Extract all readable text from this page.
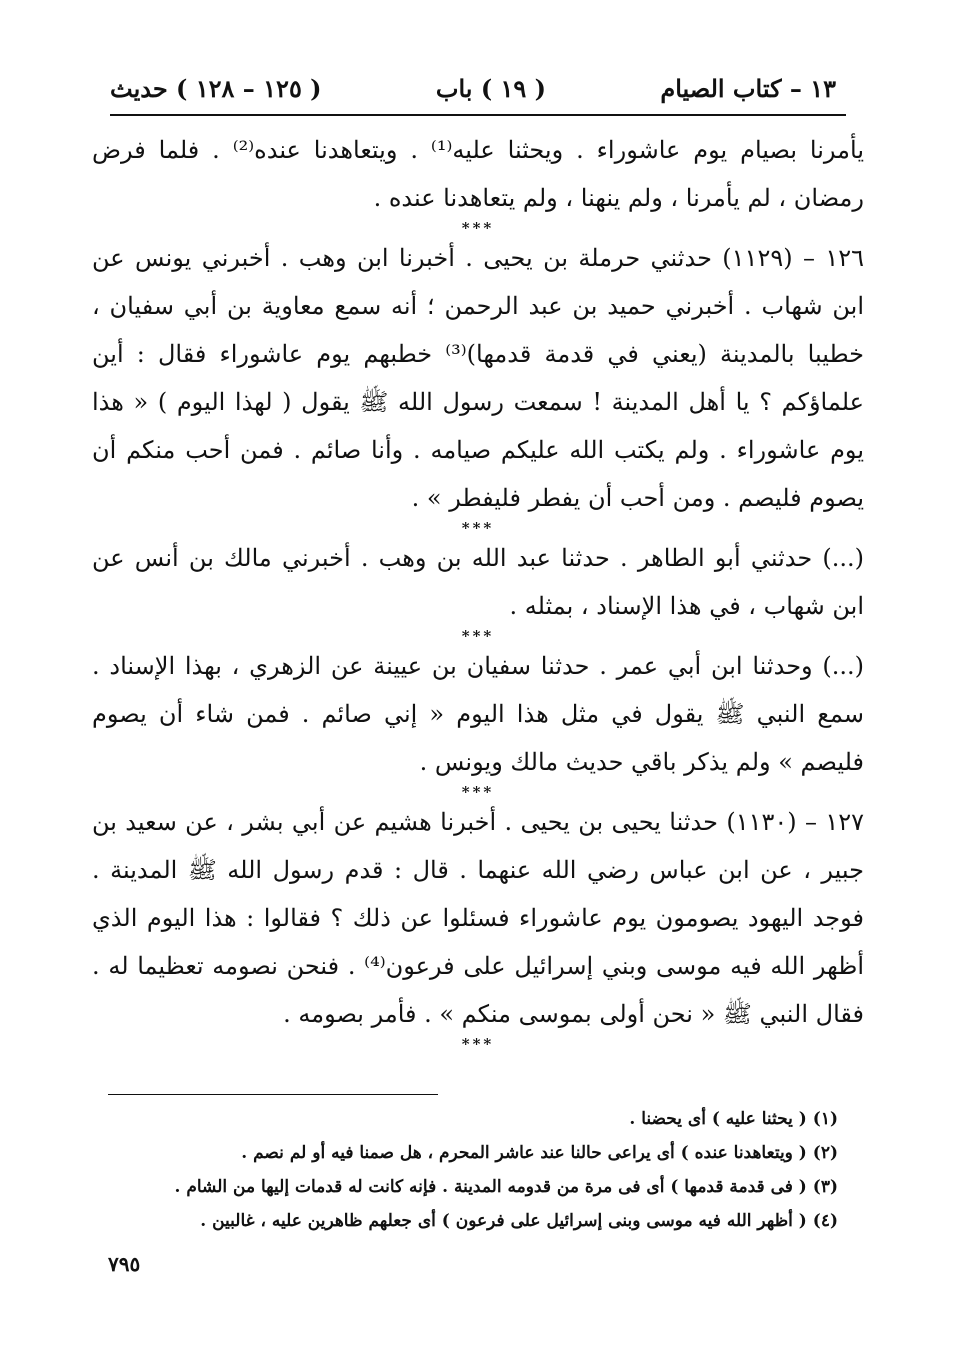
١٣ – كتاب الصيام
( ١٩ ) باب
( ١٢٥ – ١٢٨ ) حديث

يأمرنا بصيام يوم عاشوراء . ويحثنا عليه⁽¹⁾ . ويتعاهدنا عنده⁽²⁾ . فلما فرض رمضان ، لم يأمرنا ، ولم ينهنا ، ولم يتعاهدنا عنده .

***

١٢٦ – (١١٢٩) حدثني حرملة بن يحيى . أخبرنا ابن وهب . أخبرني يونس عن ابن شهاب . أخبرني حميد بن عبد الرحمن ؛ أنه سمع معاوية بن أبي سفيان ، خطيبا بالمدينة (يعني في قدمة قدمها)⁽³⁾ خطبهم يوم عاشوراء فقال : أين علماؤكم ؟ يا أهل المدينة ! سمعت رسول الله ﷺ يقول ( لهذا اليوم ) « هذا يوم عاشوراء . ولم يكتب الله عليكم صيامه . وأنا صائم . فمن أحب منكم أن يصوم فليصم . ومن أحب أن يفطر فليفطر » .

***

(...) حدثني أبو الطاهر . حدثنا عبد الله بن وهب . أخبرني مالك بن أنس عن ابن شهاب ، في هذا الإسناد ، بمثله .

***

(...) وحدثنا ابن أبي عمر . حدثنا سفيان بن عيينة عن الزهري ، بهذا الإسناد . سمع النبي ﷺ يقول في مثل هذا اليوم « إني صائم . فمن شاء أن يصوم فليصم » ولم يذكر باقي حديث مالك ويونس .

***

١٢٧ – (١١٣٠) حدثنا يحيى بن يحيى . أخبرنا هشيم عن أبي بشر ، عن سعيد بن جبير ، عن ابن عباس رضي الله عنهما . قال : قدم رسول الله ﷺ المدينة . فوجد اليهود يصومون يوم عاشوراء فسئلوا عن ذلك ؟ فقالوا : هذا اليوم الذي أظهر الله فيه موسى وبني إسرائيل على فرعون⁽⁴⁾ . فنحن نصومه تعظيما له . فقال النبي ﷺ « نحن أولى بموسى منكم » . فأمر بصومه .

***
(١) ( يحثنا عليه ) أى يحضنا .
(٢) ( ويتعاهدنا عنده ) أى يراعى حالنا عند عاشر المحرم ، هل صمنا فيه أو لم نصم .
(٣) ( فى قدمة قدمها ) أى فى مرة من قدومه المدينة . فإنه كانت له قدمات إليها من الشام .
(٤) ( أظهر الله فيه موسى وبنى إسرائيل على فرعون ) أى جعلهم ظاهرين عليه ، غالبين .
٧٩٥
